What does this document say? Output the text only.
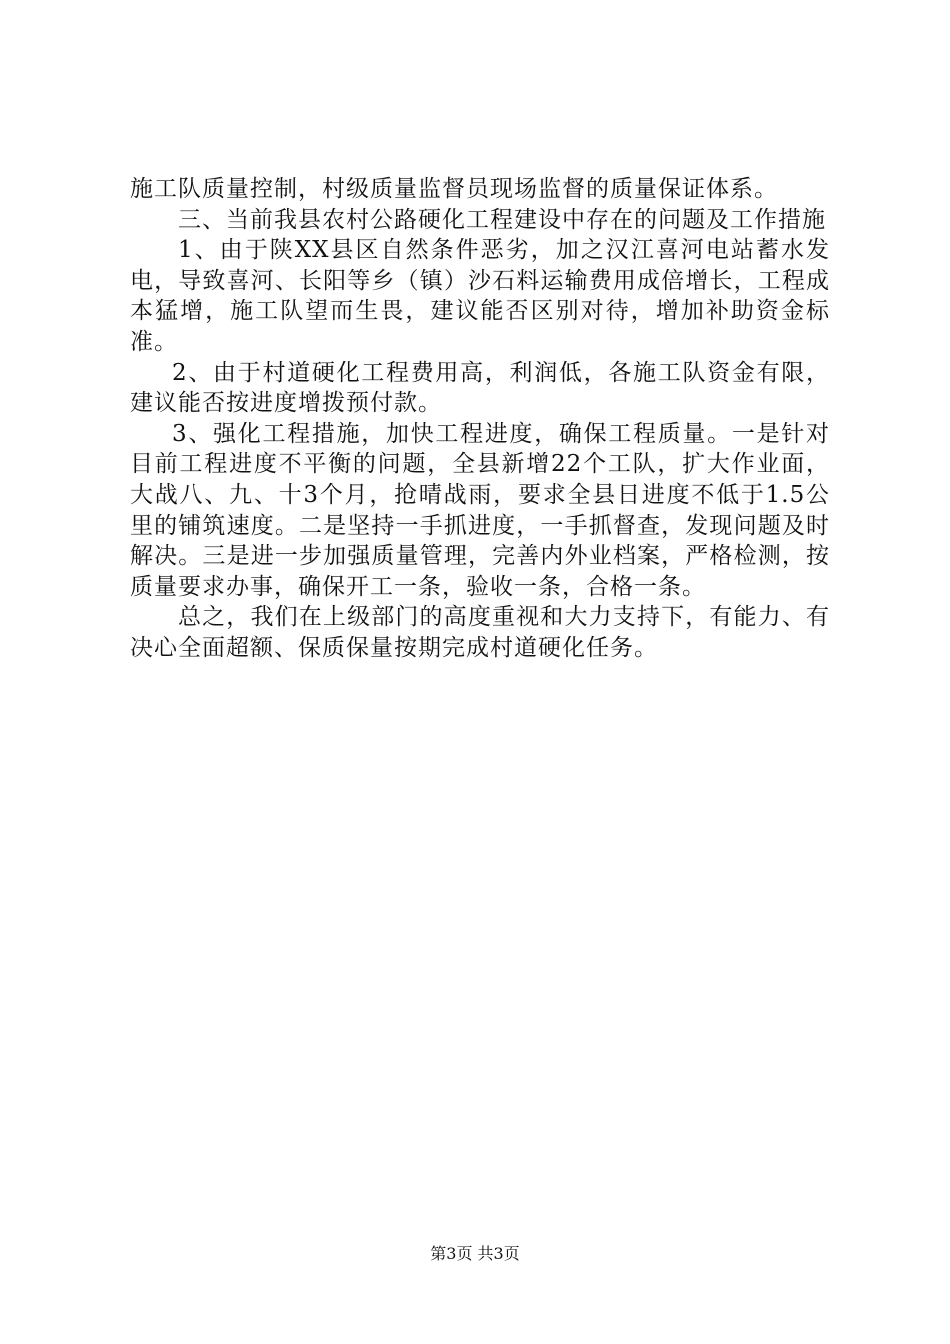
施工队质量控制，村级质量监督员现场监督的质量保证体系。

三、当前我县农村公路硬化工程建设中存在的问题及工作措施

1、由于陕XX县区自然条件恶劣，加之汉江喜河电站蓄水发电，导致喜河、长阳等乡（镇）沙石料运输费用成倍增长，工程成本猛增，施工队望而生畏，建议能否区别对待，增加补助资金标准。

2、由于村道硬化工程费用高，利润低，各施工队资金有限，建议能否按进度增拨预付款。

3、强化工程措施，加快工程进度，确保工程质量。一是针对目前工程进度不平衡的问题，全县新增22个工队，扩大作业面，大战八、九、十3个月，抢晴战雨，要求全县日进度不低于1.5公里的铺筑速度。二是坚持一手抓进度，一手抓督查，发现问题及时解决。三是进一步加强质量管理，完善内外业档案，严格检测，按质量要求办事，确保开工一条，验收一条，合格一条。

总之，我们在上级部门的高度重视和大力支持下，有能力、有决心全面超额、保质保量按期完成村道硬化任务。

第3页 共3页
